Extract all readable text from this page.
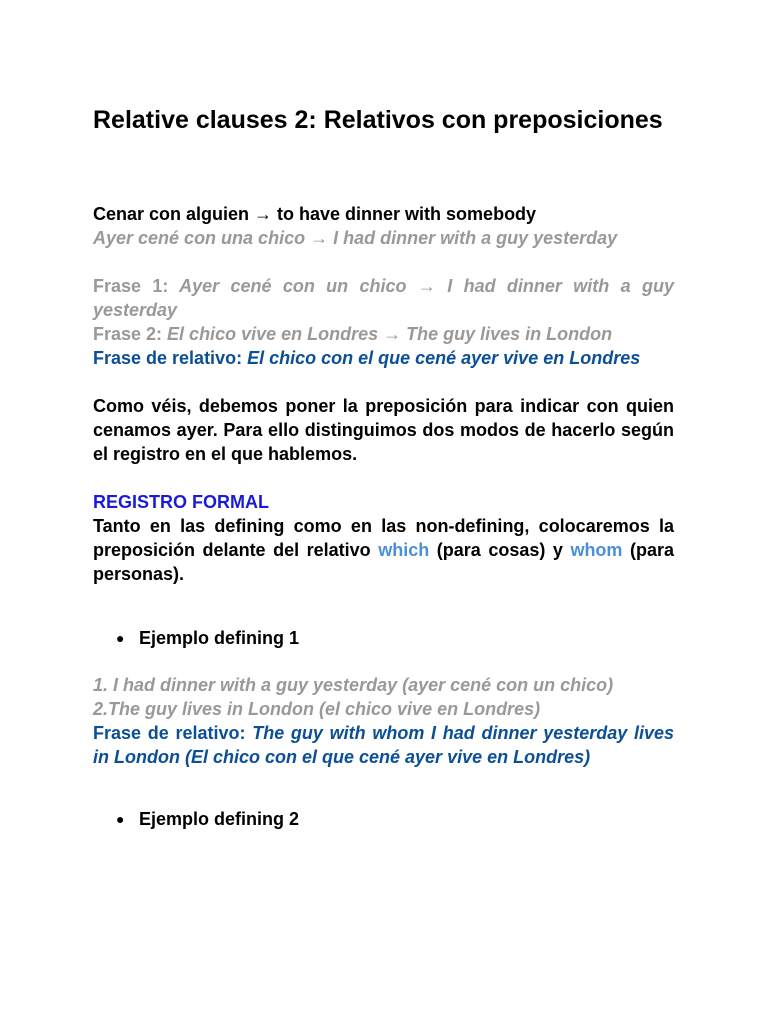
Relative clauses 2: Relativos con preposiciones

Cenar con alguien → to have dinner with somebody

Ayer cené con una chico → I had dinner with a guy yesterday

Frase 1: Ayer cené con un chico → I had dinner with a guy yesterday

Frase 2: El chico vive en Londres → The guy lives in London

Frase de relativo: El chico con el que cené ayer vive en Londres

Como véis, debemos poner la preposición para indicar con quien cenamos ayer. Para ello distinguimos dos modos de hacerlo según el registro en el que hablemos.

REGISTRO FORMAL

Tanto en las defining como en las non-defining, colocaremos la preposición delante del relativo which (para cosas) y whom (para personas).

● Ejemplo defining 1

1. I had dinner with a guy yesterday (ayer cené con un chico)

2.The guy lives in London (el chico vive en Londres)

Frase de relativo: The guy with whom I had dinner yesterday lives in London (El chico con el que cené ayer vive en Londres)

● Ejemplo defining 2
